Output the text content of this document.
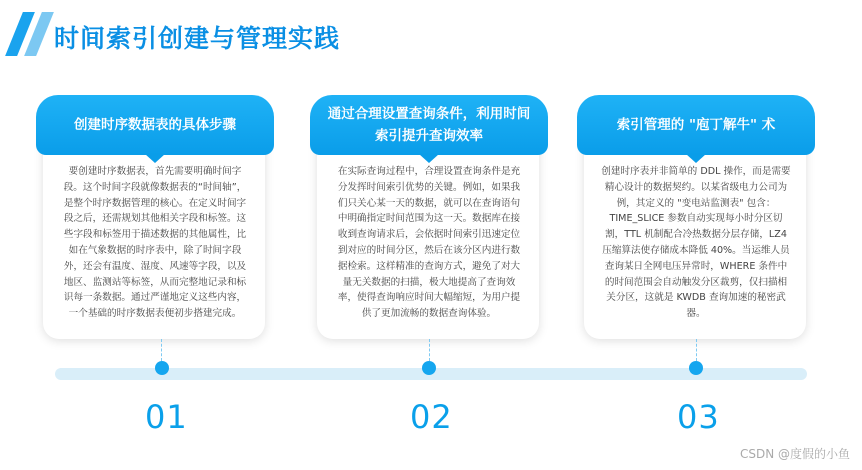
时间索引创建与管理实践
创建时序数据表的具体步骤
要创建时序数据表，首先需要明确时间字段。这个时间字段就像数据表的“时间轴”，是整个时序数据管理的核心。在定义时间字段之后，还需规划其他相关字段和标签。这些字段和标签用于描述数据的其他属性，比如在气象数据的时序表中，除了时间字段外，还会有温度、湿度、风速等字段，以及地区、监测站等标签，从而完整地记录和标识每一条数据。通过严谨地定义这些内容，一个基础的时序数据表便初步搭建完成。
通过合理设置查询条件，利用时间索引提升查询效率
在实际查询过程中，合理设置查询条件是充分发挥时间索引优势的关键。例如，如果我们只关心某一天的数据，就可以在查询语句中明确指定时间范围为这一天。数据库在接收到查询请求后，会依据时间索引迅速定位到对应的时间分区，然后在该分区内进行数据检索。这样精准的查询方式，避免了对大量无关数据的扫描，极大地提高了查询效率，使得查询响应时间大幅缩短，为用户提供了更加流畅的数据查询体验。
索引管理的 "庖丁解牛" 术
创建时序表并非简单的 DDL 操作，而是需要精心设计的数据契约。以某省级电力公司为例，其定义的 "变电站监测表" 包含：TIME_SLICE 参数自动实现每小时分区切割，TTL 机制配合冷热数据分层存储，LZ4 压缩算法使存储成本降低 40%。当运维人员查询某日全网电压异常时，WHERE 条件中的时间范围会自动触发分区裁剪，仅扫描相关分区，这就是 KWDB 查询加速的秘密武器。
01	02	03
CSDN @度假的小鱼
